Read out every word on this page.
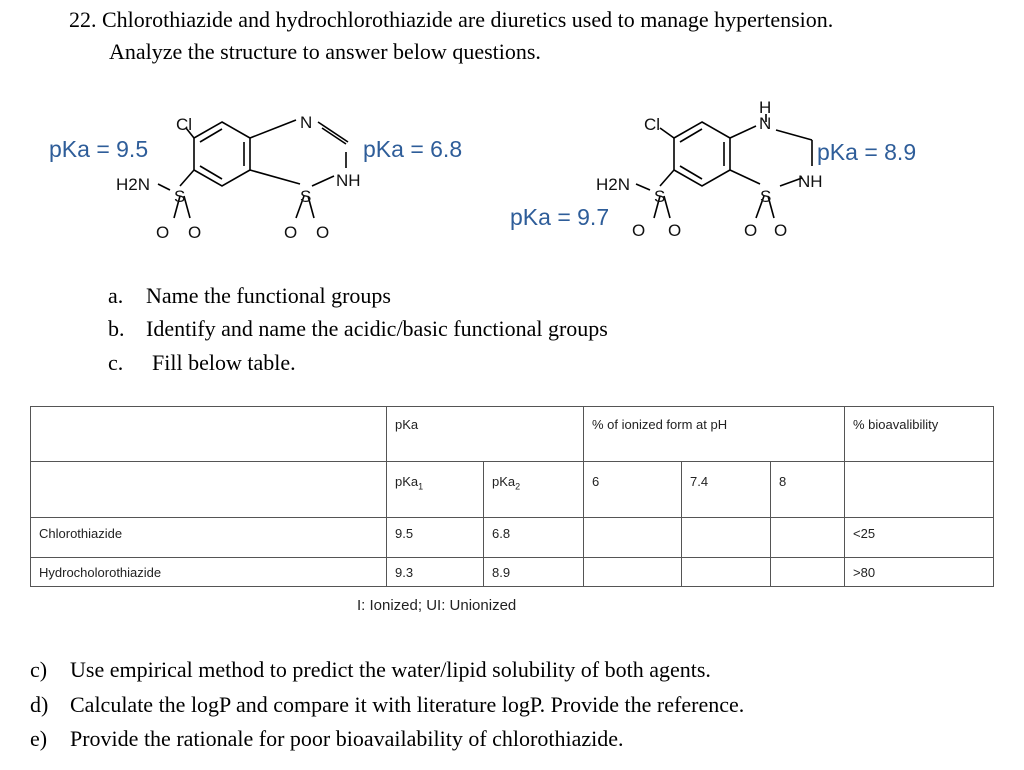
22. Chlorothiazide and hydrochlorothiazide are diuretics used to manage hypertension.
Analyze the structure to answer below questions.
pKa = 9.5	pKa = 6.8
pKa = 9.7
pKa = 8.9
Cl	N
NH
H2N
S	S
O O	O O
Cl
H
N
NH
H2N
S	S
O O	O O
a. Name the functional groups
b. Identify and name the acidic/basic functional groups
c. Fill below table.
	pKa		% of ionized form at pH			% bioavalibility
	pKa$_1$	pKa$_2$	6	7.4	8	
Chlorothiazide	9.5	6.8				<25
Hydrocholorothiazide	9.3	8.9				>80
I: Ionized; UI: Unionized
c) Use empirical method to predict the water/lipid solubility of both agents.
d) Calculate the logP and compare it with literature logP. Provide the reference.
e) Provide the rationale for poor bioavailability of chlorothiazide.
